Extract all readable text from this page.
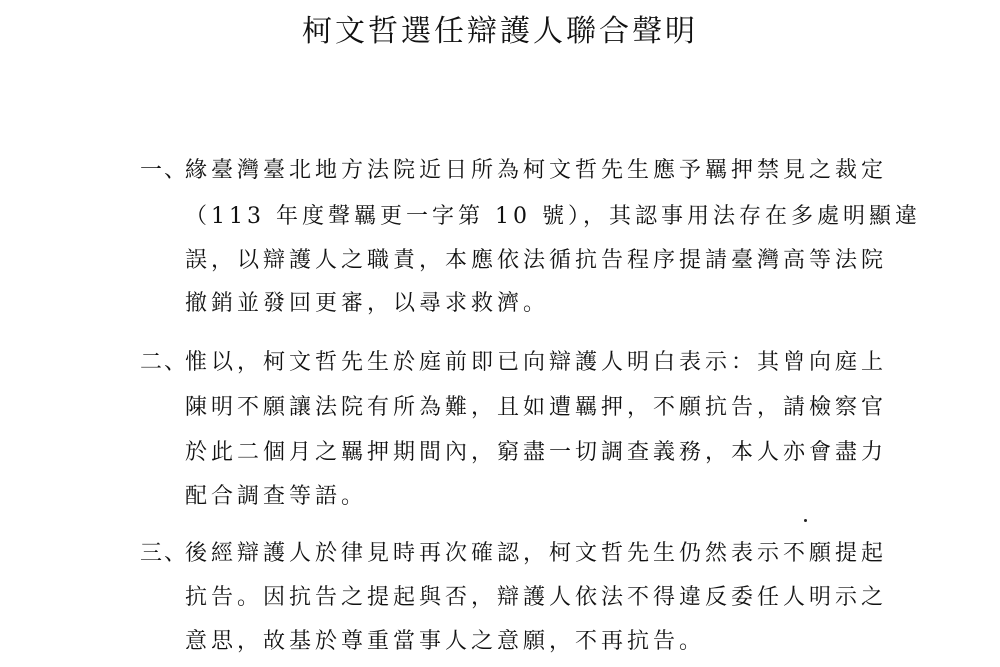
柯文哲選任辯護人聯合聲明
一、
緣臺灣臺北地方法院近日所為柯文哲先生應予羈押禁見之裁定
（113 年度聲羈更一字第 10 號），其認事用法存在多處明顯違
誤，以辯護人之職責，本應依法循抗告程序提請臺灣高等法院
撤銷並發回更審，以尋求救濟。
二、
惟以，柯文哲先生於庭前即已向辯護人明白表示：其曾向庭上
陳明不願讓法院有所為難，且如遭羈押，不願抗告，請檢察官
於此二個月之羈押期間內，窮盡一切調查義務，本人亦會盡力
配合調查等語。
三、
後經辯護人於律見時再次確認，柯文哲先生仍然表示不願提起
抗告。因抗告之提起與否，辯護人依法不得違反委任人明示之
意思，故基於尊重當事人之意願，不再抗告。
